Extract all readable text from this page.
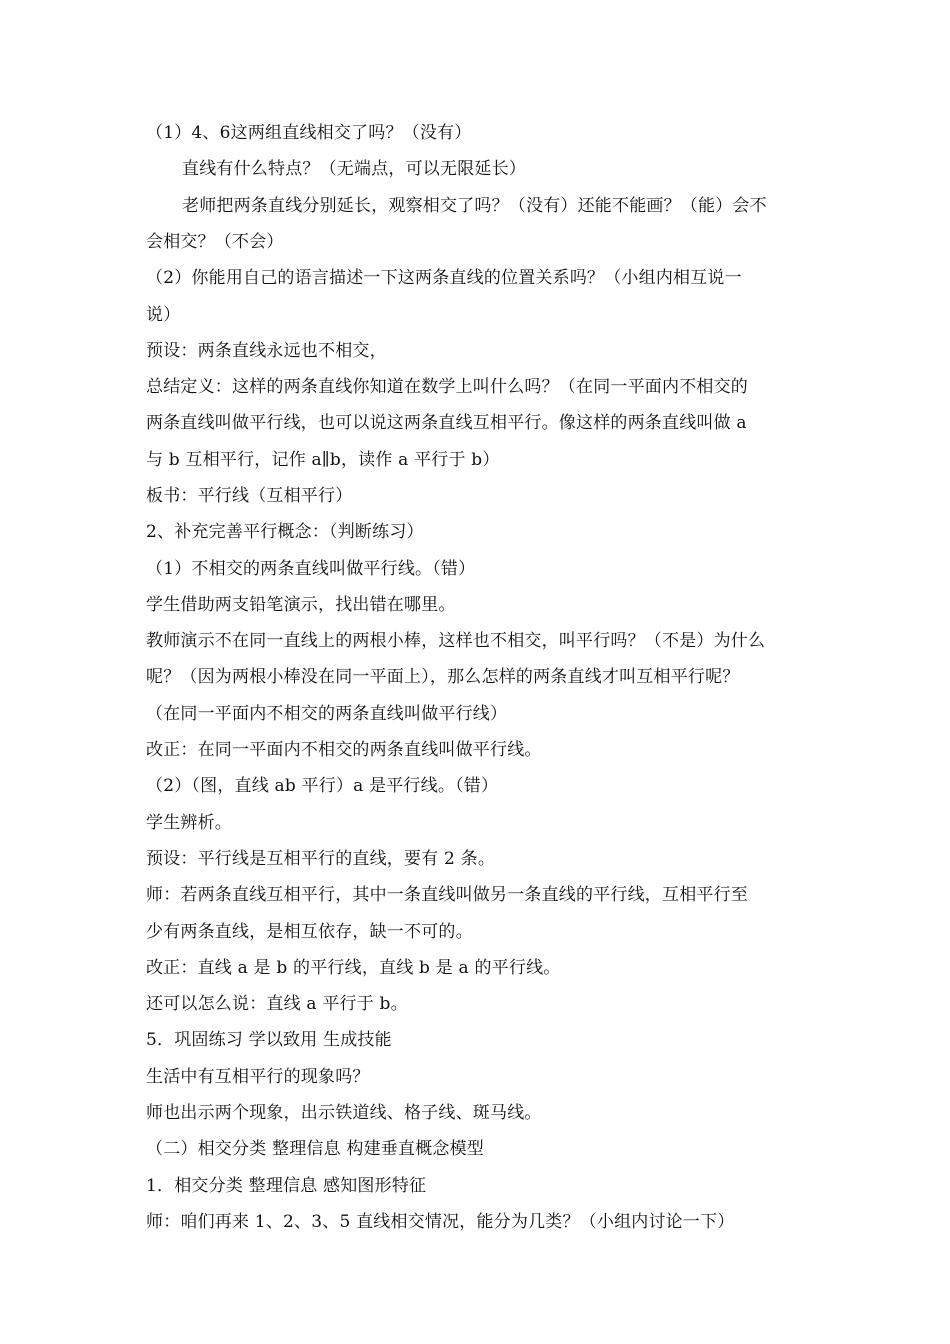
（1）4、6这两组直线相交了吗？（没有）
直线有什么特点？（无端点，可以无限延长）
老师把两条直线分别延长，观察相交了吗？（没有）还能不能画？（能）会不
会相交？（不会）
（2）你能用自己的语言描述一下这两条直线的位置关系吗？（小组内相互说一
说）
预设：两条直线永远也不相交，
总结定义：这样的两条直线你知道在数学上叫什么吗？（在同一平面内不相交的
两条直线叫做平行线，也可以说这两条直线互相平行。像这样的两条直线叫做 a
与 b 互相平行，记作 a∥b，读作 a 平行于 b）
板书：平行线（互相平行）
2、补充完善平行概念：（判断练习）
（1）不相交的两条直线叫做平行线。（错）
学生借助两支铅笔演示，找出错在哪里。
教师演示不在同一直线上的两根小棒，这样也不相交，叫平行吗？（不是）为什么
呢？（因为两根小棒没在同一平面上），那么怎样的两条直线才叫互相平行呢？
（在同一平面内不相交的两条直线叫做平行线）
改正：在同一平面内不相交的两条直线叫做平行线。
（2）（图，直线 ab 平行）a 是平行线。（错）
学生辨析。
预设：平行线是互相平行的直线，要有 2 条。
师：若两条直线互相平行，其中一条直线叫做另一条直线的平行线，互相平行至
少有两条直线，是相互依存，缺一不可的。
改正：直线 a 是 b 的平行线，直线 b 是 a 的平行线。
还可以怎么说：直线 a 平行于 b。
5．巩固练习 学以致用 生成技能
生活中有互相平行的现象吗？
师也出示两个现象，出示铁道线、格子线、斑马线。
（二）相交分类 整理信息 构建垂直概念模型
1．相交分类 整理信息 感知图形特征
师：咱们再来 1、2、3、5 直线相交情况，能分为几类？（小组内讨论一下）
